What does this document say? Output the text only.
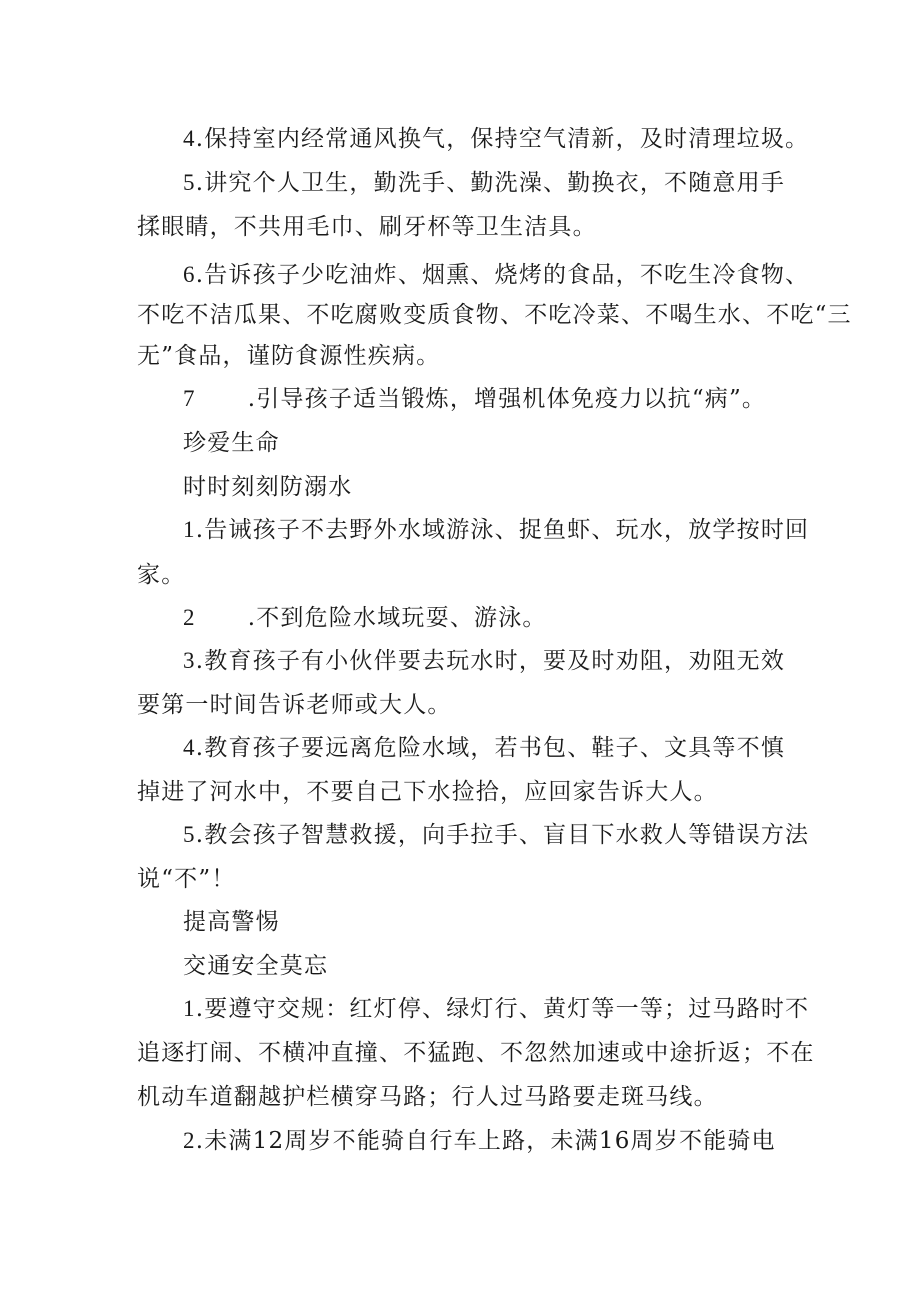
4.保持室内经常通风换气，保持空气清新，及时清理垃圾。
5.讲究个人卫生，勤洗手、勤洗澡、勤换衣，不随意用手
揉眼睛，不共用毛巾、刷牙杯等卫生洁具。
6.告诉孩子少吃油炸、烟熏、烧烤的食品，不吃生冷食物、
不吃不洁瓜果、不吃腐败变质食物、不吃冷菜、不喝生水、不吃“三
无”食品，谨防食源性疾病。
7 .引导孩子适当锻炼，增强机体免疫力以抗“病”。
珍爱生命
时时刻刻防溺水
1.告诫孩子不去野外水域游泳、捉鱼虾、玩水，放学按时回
家。
2 .不到危险水域玩耍、游泳。
3.教育孩子有小伙伴要去玩水时，要及时劝阻，劝阻无效
要第一时间告诉老师或大人。
4.教育孩子要远离危险水域，若书包、鞋子、文具等不慎
掉进了河水中，不要自己下水捡拾，应回家告诉大人。
5.教会孩子智慧救援，向手拉手、盲目下水救人等错误方法
说“不”！
提高警惕
交通安全莫忘
1.要遵守交规：红灯停、绿灯行、黄灯等一等；过马路时不
追逐打闹、不横冲直撞、不猛跑、不忽然加速或中途折返；不在
机动车道翻越护栏横穿马路；行人过马路要走斑马线。
2.未满12周岁不能骑自行车上路，未满16周岁不能骑电
